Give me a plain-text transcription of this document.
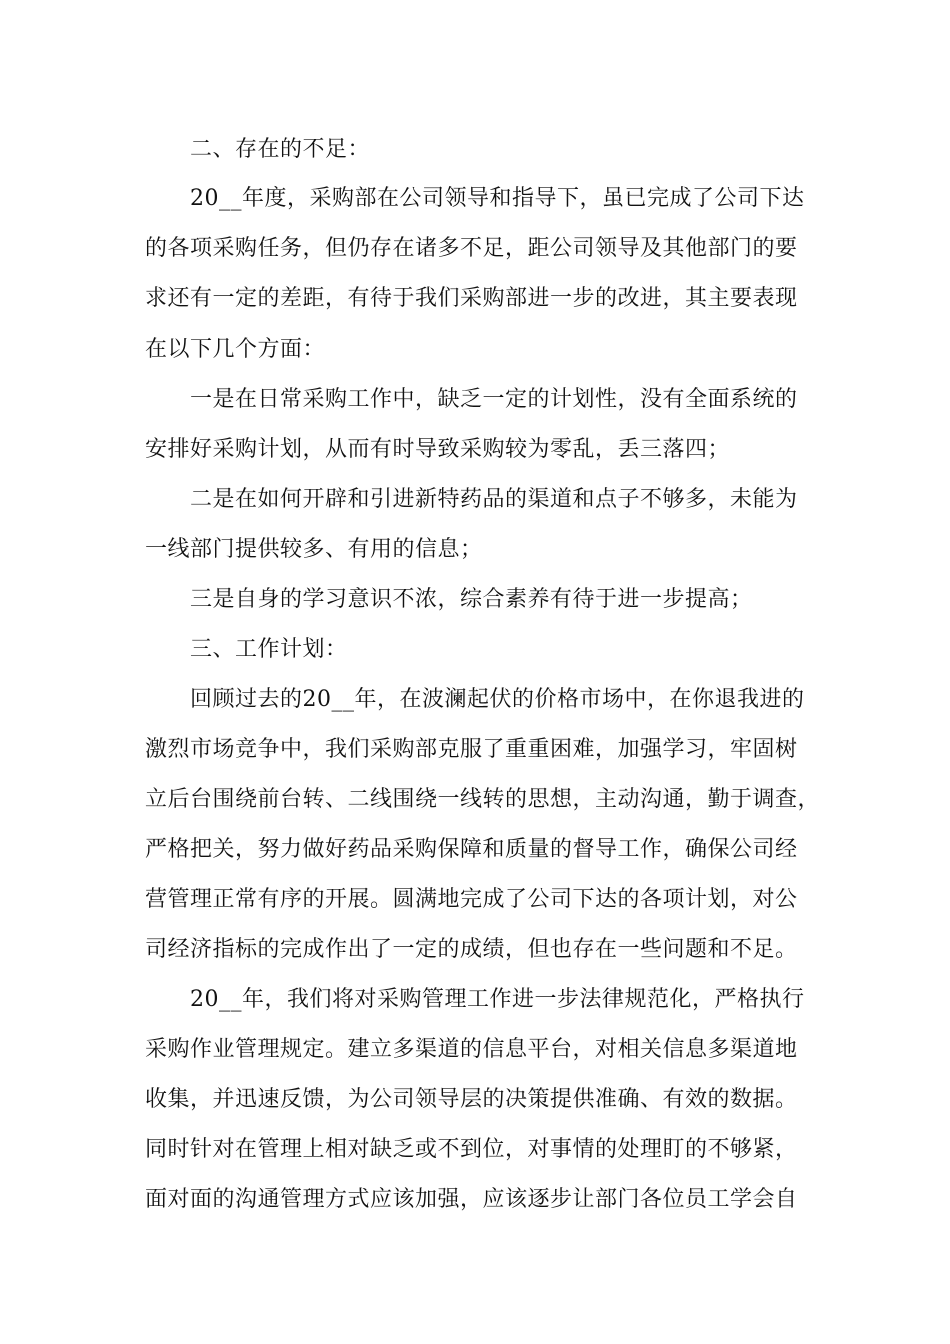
二、存在的不足：
20__年度，采购部在公司领导和指导下，虽已完成了公司下达
的各项采购任务，但仍存在诸多不足，距公司领导及其他部门的要
求还有一定的差距，有待于我们采购部进一步的改进，其主要表现
在以下几个方面：
一是在日常采购工作中，缺乏一定的计划性，没有全面系统的
安排好采购计划，从而有时导致采购较为零乱，丢三落四；
二是在如何开辟和引进新特药品的渠道和点子不够多，未能为
一线部门提供较多、有用的信息；
三是自身的学习意识不浓，综合素养有待于进一步提高；
三、工作计划：
回顾过去的20__年，在波澜起伏的价格市场中，在你退我进的
激烈市场竞争中，我们采购部克服了重重困难，加强学习，牢固树
立后台围绕前台转、二线围绕一线转的思想，主动沟通，勤于调查，
严格把关，努力做好药品采购保障和质量的督导工作，确保公司经
营管理正常有序的开展。圆满地完成了公司下达的各项计划，对公
司经济指标的完成作出了一定的成绩，但也存在一些问题和不足。
20__年，我们将对采购管理工作进一步法律规范化，严格执行
采购作业管理规定。建立多渠道的信息平台，对相关信息多渠道地
收集，并迅速反馈，为公司领导层的决策提供准确、有效的数据。
同时针对在管理上相对缺乏或不到位，对事情的处理盯的不够紧，
面对面的沟通管理方式应该加强，应该逐步让部门各位员工学会自
